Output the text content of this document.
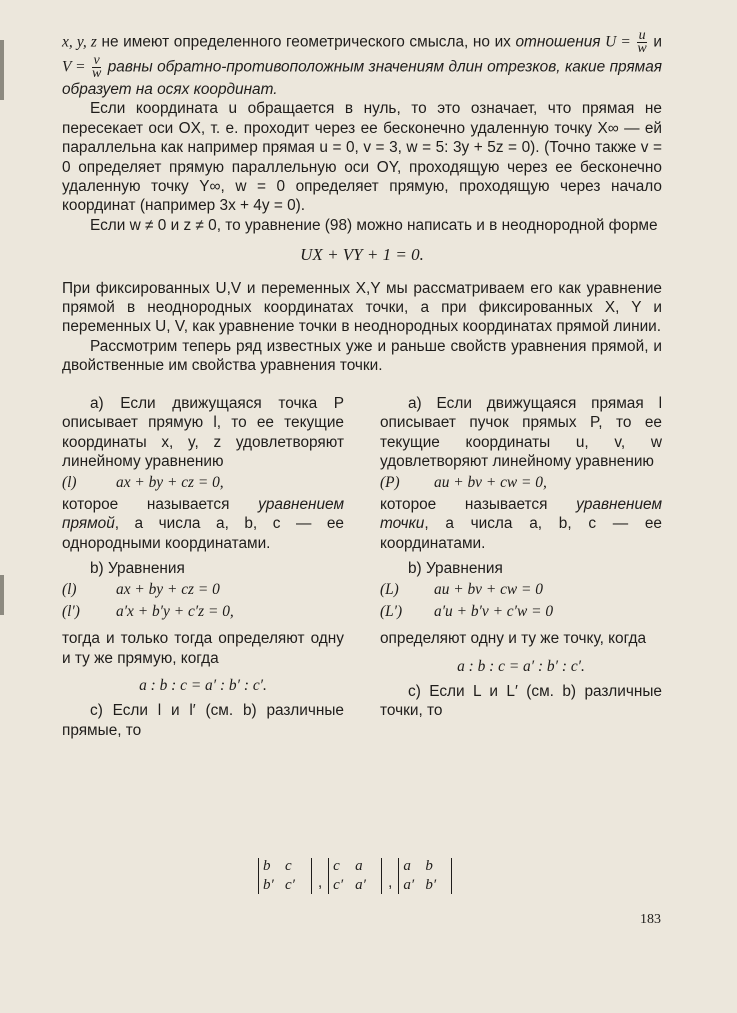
x, y, z не имеют определенного геометрического смысла, но их отношения $U = \frac{u}{w}$ и $V = \frac{v}{w}$ равны обратно-противоположным значениям длин отрезков, какие прямая образует на осях координат.

Если координата u обращается в нуль, то это означает, что прямая не пересекает оси OX, т. е. проходит через ее бесконечно удаленную точку X∞ — ей параллельна как например прямая u = 0, v = 3, w = 5: 3y + 5z = 0). (Точно также v = 0 определяет прямую параллельную оси OY, проходящую через ее бесконечно удаленную точку Y∞, w = 0 определяет прямую, проходящую через начало координат (например 3x + 4y = 0).

Если w ≠ 0 и z ≠ 0, то уравнение (98) можно написать и в неоднородной форме

UX + VY + 1 = 0.

При фиксированных U,V и переменных X,Y мы рассматриваем его как уравнение прямой в неоднородных координатах точки, а при фиксированных X, Y и переменных U, V, как уравнение точки в неоднородных координатах прямой линии.

Рассмотрим теперь ряд известных уже и раньше свойств уравнения прямой, и двойственные им свойства уравнения точки.

a) Если движущаяся точка P описывает прямую l, то ее текущие координаты x, y, z удовлетворяют линейному уравнению

(l)	ax + by + cz = 0,

которое называется уравнением прямой, а числа a, b, c — ее однородными координатами.

b) Уравнения

(l)	ax + by + cz = 0
(l′)	a′x + b′y + c′z = 0,

тогда и только тогда определяют одну и ту же прямую, когда

a : b : c = a′ : b′ : c′.

c) Если l и l′ (см. b) различные прямые, то

a) Если движущаяся прямая l описывает пучок прямых P, то ее текущие координаты u, v, w удовлетворяют линейному уравнению

(P)	au + bv + cw = 0,

которое называется уравнением точки, а числа a, b, c — ее координатами.

b) Уравнения

(L)	au + bv + cw = 0
(L′)	a′u + b′v + c′w = 0

определяют одну и ту же точку, когда

a : b : c = a′ : b′ : c′.

c) Если L и L′ (см. b) различные точки, то

b c
b′ c′	,
c	a
c′ a′	,
a b
a′ b′
183
